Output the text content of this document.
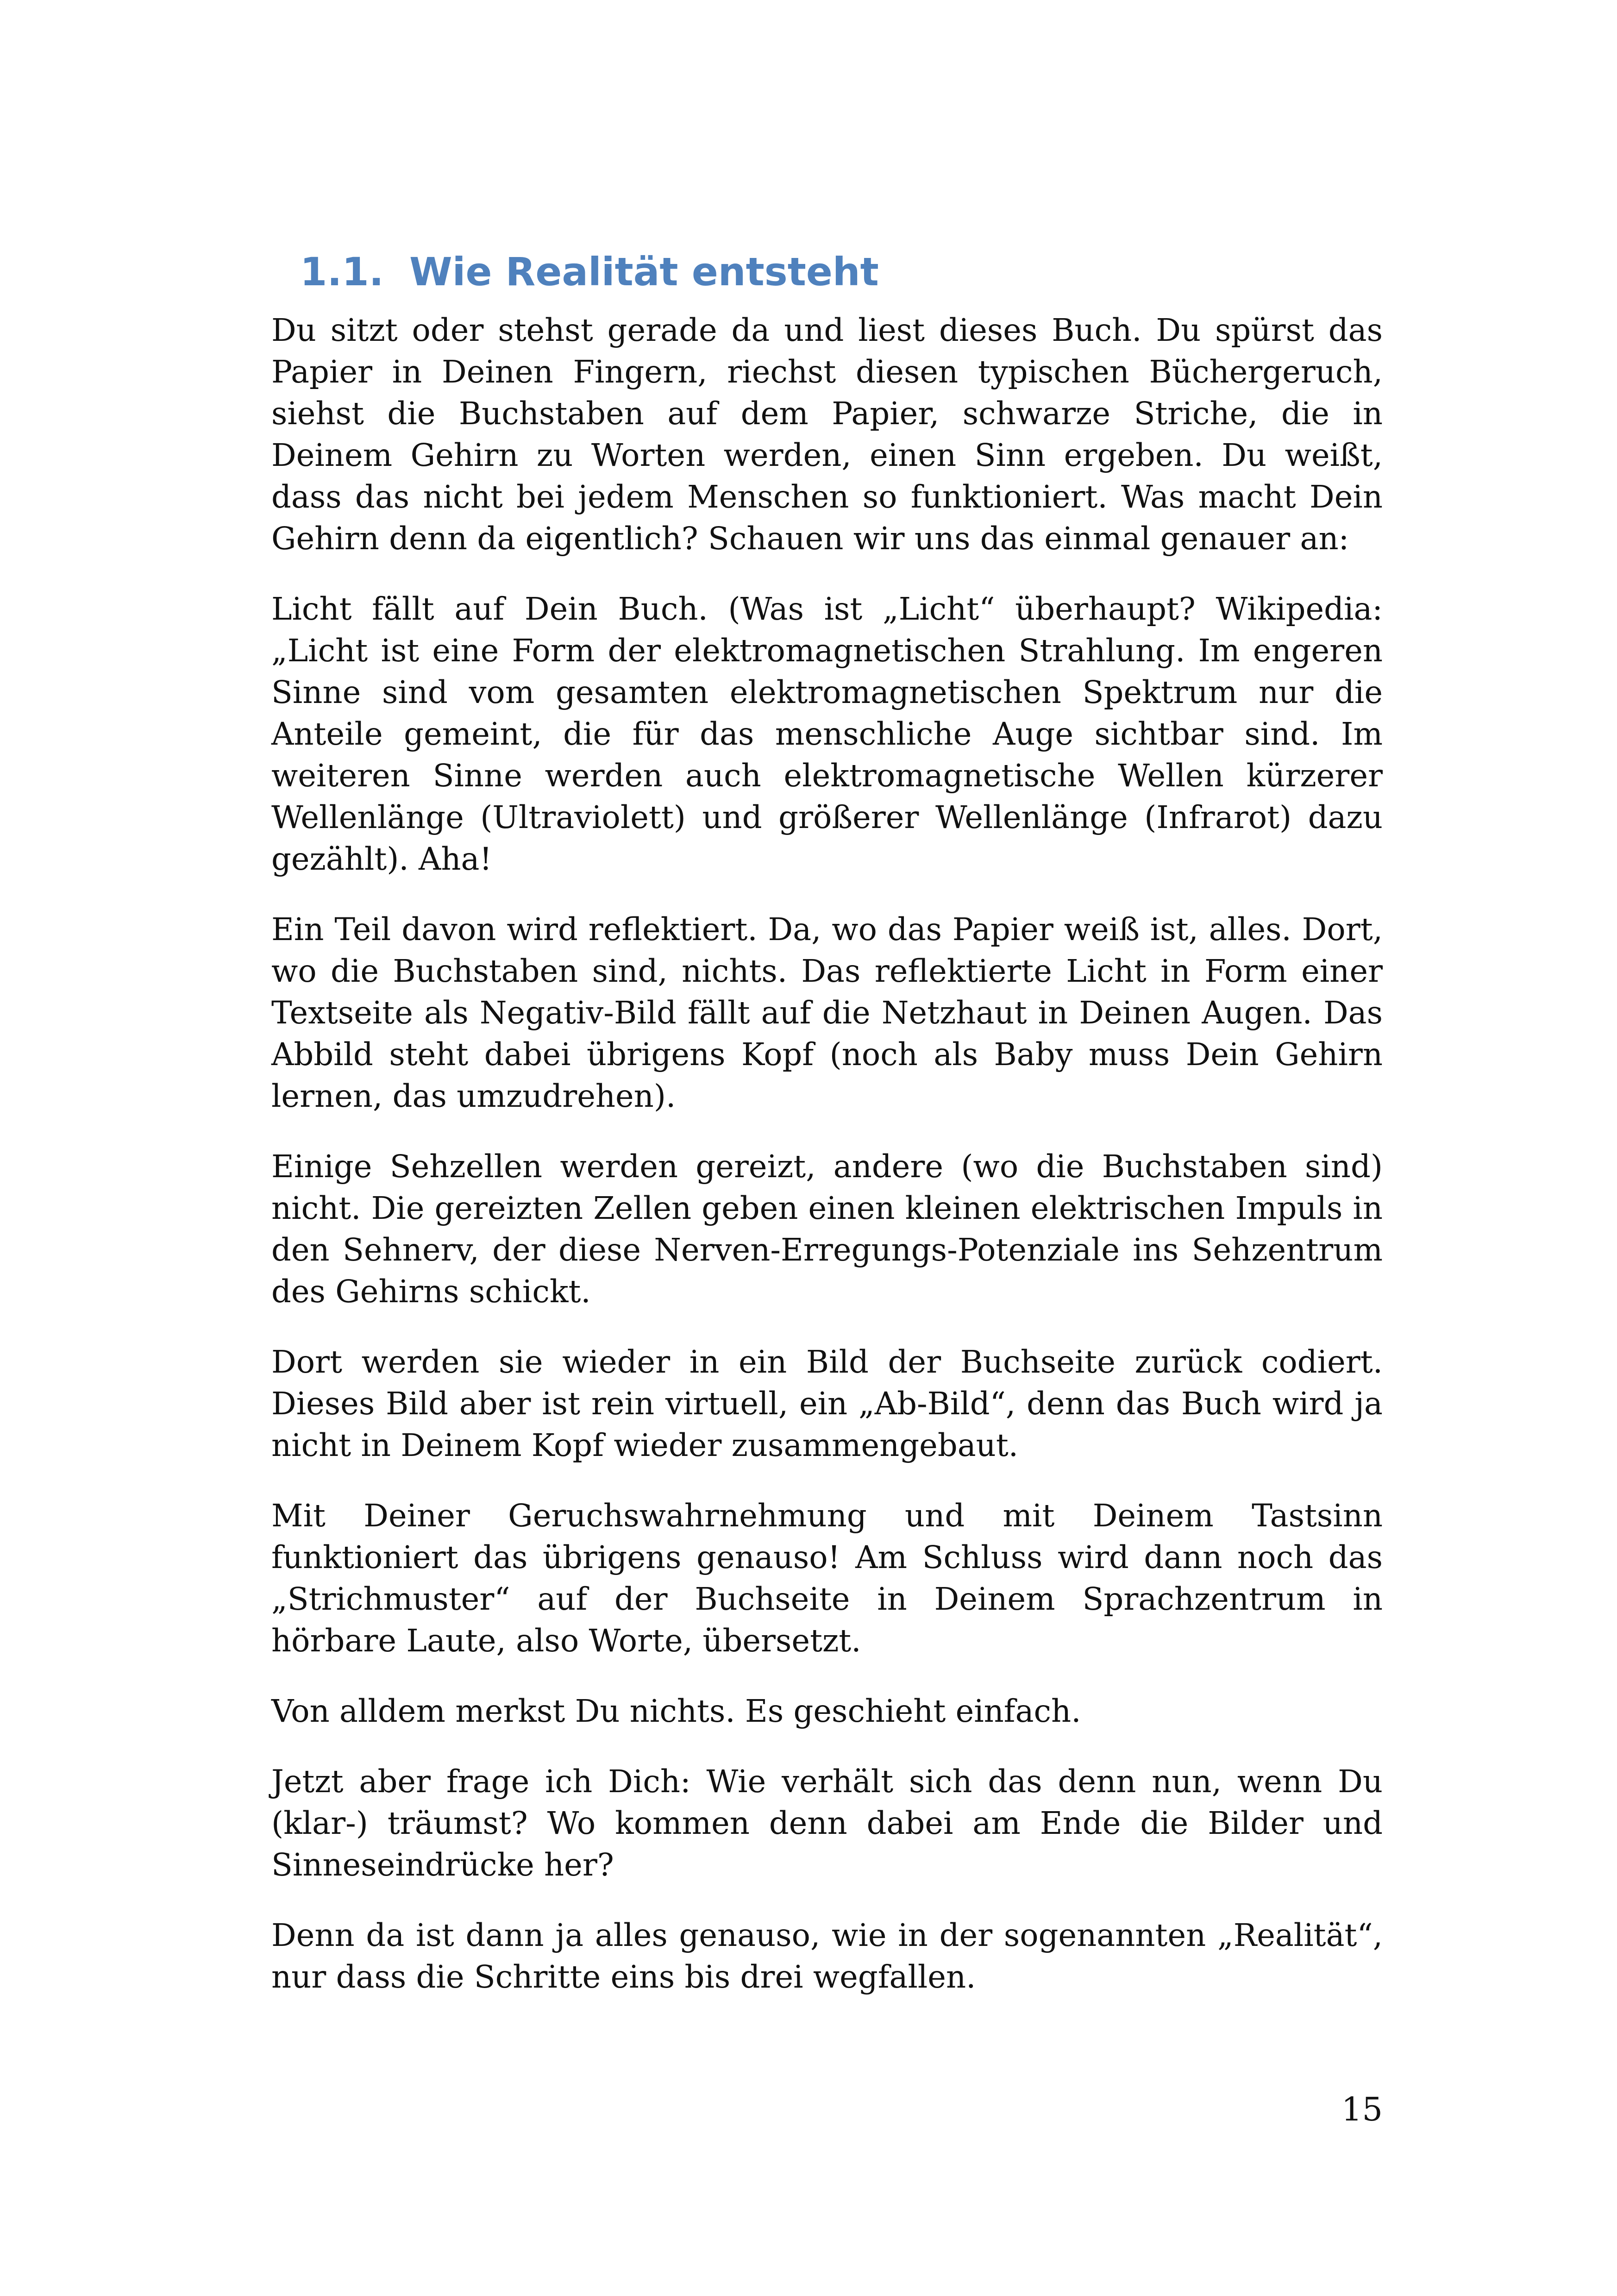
1.1. Wie Realität entsteht

Du sitzt oder stehst gerade da und liest dieses Buch. Du spürst das Papier in Deinen Fingern, riechst diesen typischen Büchergeruch, siehst die Buchstaben auf dem Papier, schwarze Striche, die in Deinem Gehirn zu Worten werden, einen Sinn ergeben. Du weißt, dass das nicht bei jedem Menschen so funktioniert. Was macht Dein Gehirn denn da eigentlich? Schauen wir uns das einmal genauer an:

Licht fällt auf Dein Buch. (Was ist „Licht“ überhaupt? Wikipedia: „Licht ist eine Form der elektromagnetischen Strahlung. Im engeren Sinne sind vom gesamten elektromagnetischen Spektrum nur die Anteile gemeint, die für das menschliche Auge sichtbar sind. Im weiteren Sinne werden auch elektromagnetische Wellen kürzerer Wellenlänge (Ultraviolett) und größerer Wellenlänge (Infrarot) dazu gezählt). Aha!

Ein Teil davon wird reflektiert. Da, wo das Papier weiß ist, alles. Dort, wo die Buchstaben sind, nichts. Das reflektierte Licht in Form einer Textseite als Negativ-Bild fällt auf die Netzhaut in Deinen Augen. Das Abbild steht dabei übrigens Kopf (noch als Baby muss Dein Gehirn lernen, das umzudrehen).

Einige Sehzellen werden gereizt, andere (wo die Buchstaben sind) nicht. Die gereizten Zellen geben einen kleinen elektrischen Impuls in den Sehnerv, der diese Nerven-Erregungs-Potenziale ins Sehzentrum des Gehirns schickt.

Dort werden sie wieder in ein Bild der Buchseite zurück codiert. Dieses Bild aber ist rein virtuell, ein „Ab-Bild“, denn das Buch wird ja nicht in Deinem Kopf wieder zusammengebaut.

Mit Deiner Geruchswahrnehmung und mit Deinem Tastsinn funktioniert das übrigens genauso! Am Schluss wird dann noch das „Strichmuster“ auf der Buchseite in Deinem Sprachzentrum in hörbare Laute, also Worte, übersetzt.

Von alldem merkst Du nichts. Es geschieht einfach.

Jetzt aber frage ich Dich: Wie verhält sich das denn nun, wenn Du (klar-) träumst? Wo kommen denn dabei am Ende die Bilder und Sinneseindrücke her?

Denn da ist dann ja alles genauso, wie in der sogenannten „Realität“, nur dass die Schritte eins bis drei wegfallen.

15
